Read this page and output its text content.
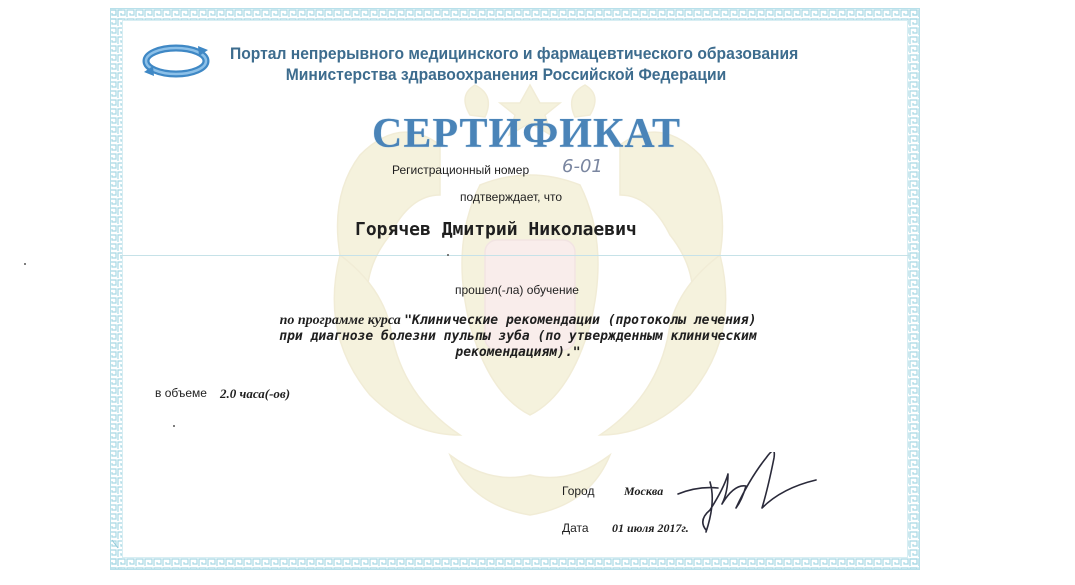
Портал непрерывного медицинского и фармацевтического образования
Министерства здравоохранения Российской Федерации
СЕРТИФИКАТ
Регистрационный номер 6-01
подтверждает, что
Горячев Дмитрий Николаевич
прошел(-ла) обучение
по программе курса "Клинические рекомендации (протоколы лечения)
при диагнозе болезни пульпы зуба (по утвержденным клиническим
рекомендациям)."
в объеме 2.0 часа(-ов)
Город Москва
Дата 01 июля 2017г.
